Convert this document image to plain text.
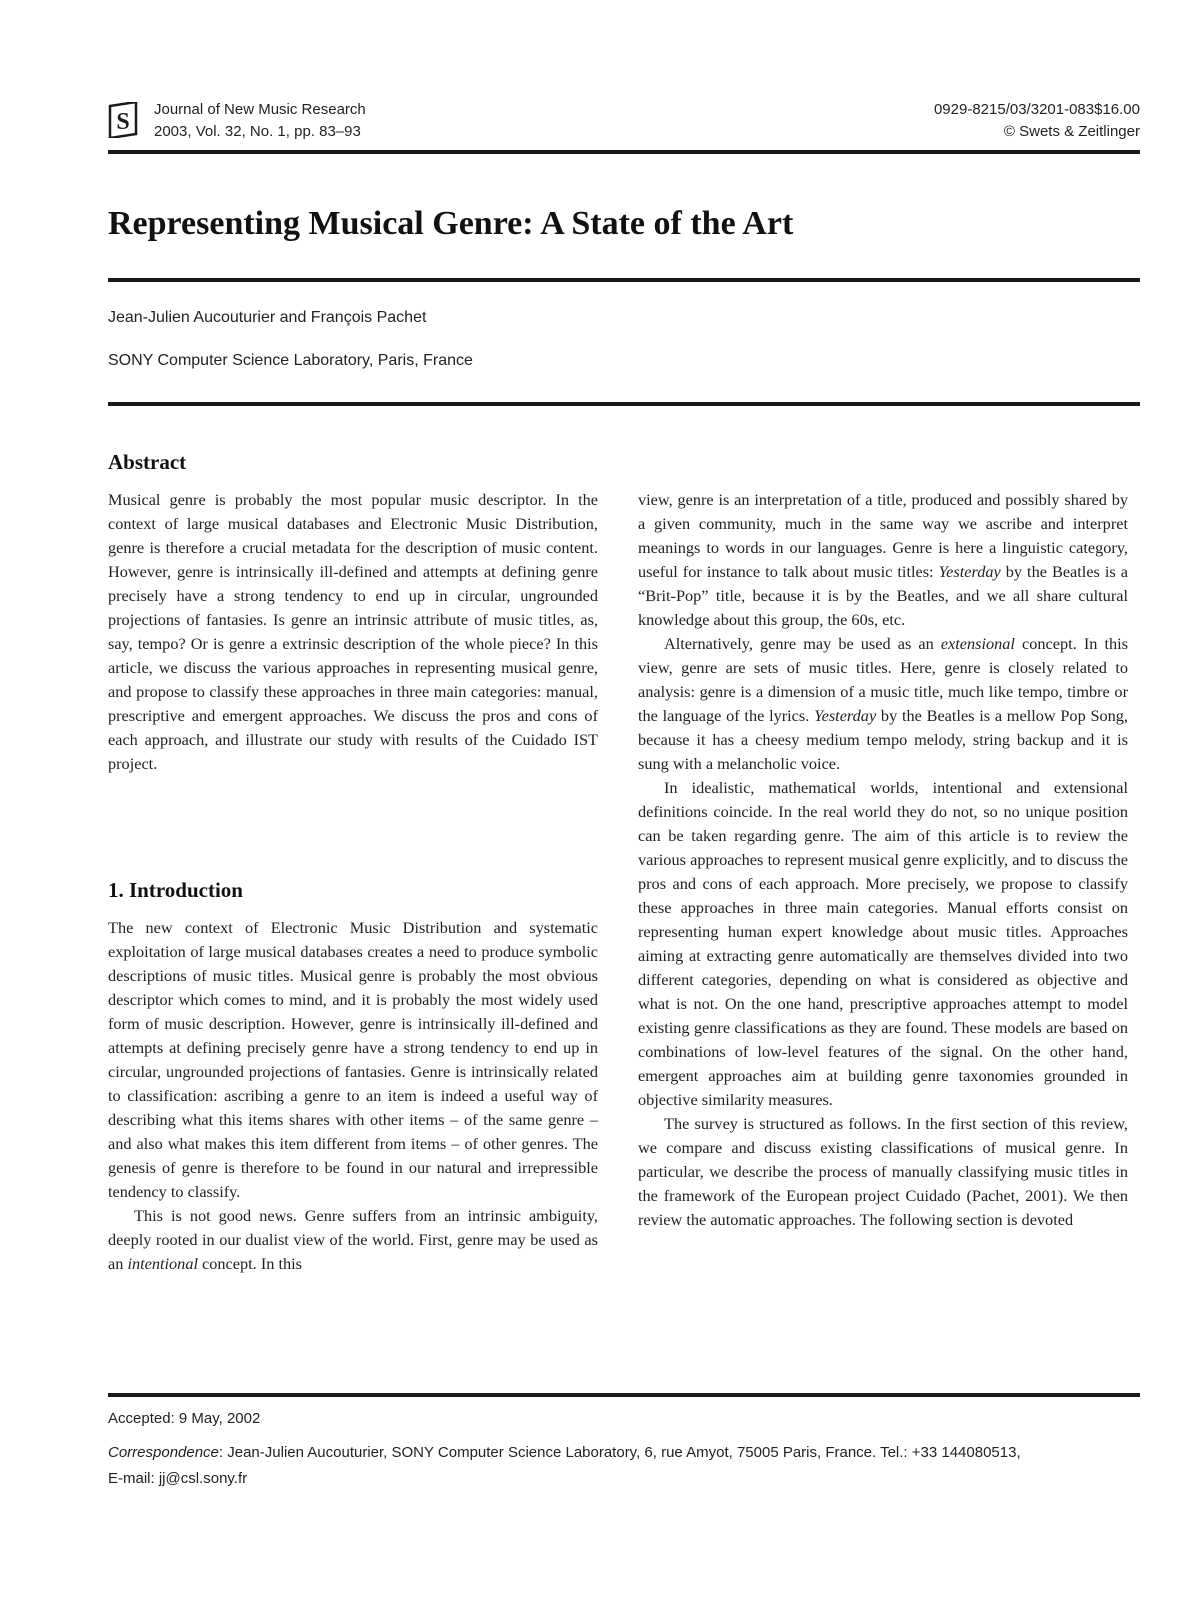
S Journal of New Music Research
2003, Vol. 32, No. 1, pp. 83–93
0929-8215/03/3201-083$16.00
© Swets & Zeitlinger
Representing Musical Genre: A State of the Art
Jean-Julien Aucouturier and François Pachet
SONY Computer Science Laboratory, Paris, France
Abstract

Musical genre is probably the most popular music descriptor. In the context of large musical databases and Electronic Music Distribution, genre is therefore a crucial metadata for the description of music content. However, genre is intrinsically ill-defined and attempts at defining genre precisely have a strong tendency to end up in circular, ungrounded projections of fantasies. Is genre an intrinsic attribute of music titles, as, say, tempo? Or is genre a extrinsic description of the whole piece? In this article, we discuss the various approaches in representing musical genre, and propose to classify these approaches in three main categories: manual, prescriptive and emergent approaches. We discuss the pros and cons of each approach, and illustrate our study with results of the Cuidado IST project.

1. Introduction

The new context of Electronic Music Distribution and systematic exploitation of large musical databases creates a need to produce symbolic descriptions of music titles. Musical genre is probably the most obvious descriptor which comes to mind, and it is probably the most widely used form of music description. However, genre is intrinsically ill-defined and attempts at defining precisely genre have a strong tendency to end up in circular, ungrounded projections of fantasies. Genre is intrinsically related to classification: ascribing a genre to an item is indeed a useful way of describing what this items shares with other items – of the same genre – and also what makes this item different from items – of other genres. The genesis of genre is therefore to be found in our natural and irrepressible tendency to classify.

This is not good news. Genre suffers from an intrinsic ambiguity, deeply rooted in our dualist view of the world. First, genre may be used as an intentional concept. In this

view, genre is an interpretation of a title, produced and possibly shared by a given community, much in the same way we ascribe and interpret meanings to words in our languages. Genre is here a linguistic category, useful for instance to talk about music titles: Yesterday by the Beatles is a “Brit-Pop” title, because it is by the Beatles, and we all share cultural knowledge about this group, the 60s, etc.

Alternatively, genre may be used as an extensional concept. In this view, genre are sets of music titles. Here, genre is closely related to analysis: genre is a dimension of a music title, much like tempo, timbre or the language of the lyrics. Yesterday by the Beatles is a mellow Pop Song, because it has a cheesy medium tempo melody, string backup and it is sung with a melancholic voice.

In idealistic, mathematical worlds, intentional and extensional definitions coincide. In the real world they do not, so no unique position can be taken regarding genre. The aim of this article is to review the various approaches to represent musical genre explicitly, and to discuss the pros and cons of each approach. More precisely, we propose to classify these approaches in three main categories. Manual efforts consist on representing human expert knowledge about music titles. Approaches aiming at extracting genre automatically are themselves divided into two different categories, depending on what is considered as objective and what is not. On the one hand, prescriptive approaches attempt to model existing genre classifications as they are found. These models are based on combinations of low-level features of the signal. On the other hand, emergent approaches aim at building genre taxonomies grounded in objective similarity measures.

The survey is structured as follows. In the first section of this review, we compare and discuss existing classifications of musical genre. In particular, we describe the process of manually classifying music titles in the framework of the European project Cuidado (Pachet, 2001). We then review the automatic approaches. The following section is devoted

Accepted: 9 May, 2002
Correspondence: Jean-Julien Aucouturier, SONY Computer Science Laboratory, 6, rue Amyot, 75005 Paris, France. Tel.: +33 144080513,
E-mail: jj@csl.sony.fr
